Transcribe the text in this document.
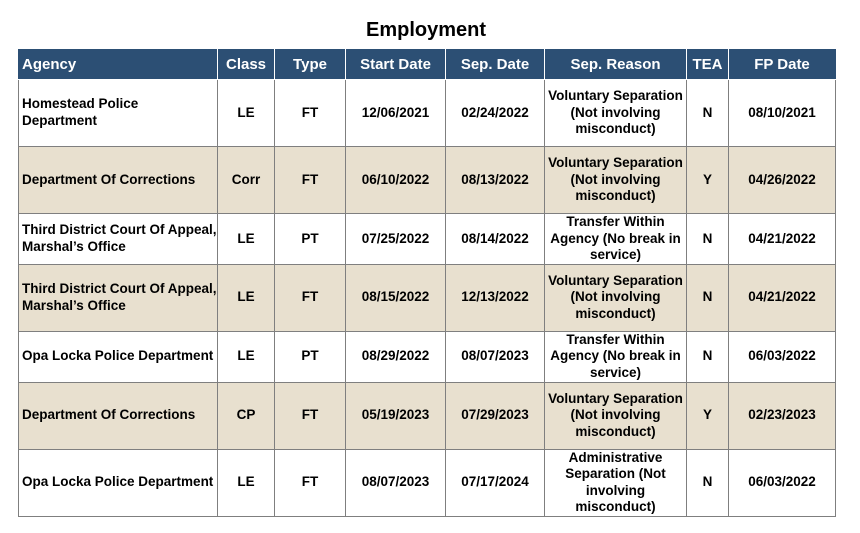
Employment
Agency	Class	Type	Start Date	Sep. Date	Sep. Reason	TEA	FP Date
Homestead Police Department	LE	FT	12/06/2021	02/24/2022	Voluntary Separation (Not involving misconduct)	N	08/10/2021
Department Of Corrections	Corr	FT	06/10/2022	08/13/2022	Voluntary Separation (Not involving misconduct)	Y	04/26/2022
Third District Court Of Appeal, Marshal’s Office	LE	PT	07/25/2022	08/14/2022	Transfer Within Agency (No break in service)	N	04/21/2022
Third District Court Of Appeal, Marshal’s Office	LE	FT	08/15/2022	12/13/2022	Voluntary Separation (Not involving misconduct)	N	04/21/2022
Opa Locka Police Department	LE	PT	08/29/2022	08/07/2023	Transfer Within Agency (No break in service)	N	06/03/2022
Department Of Corrections	CP	FT	05/19/2023	07/29/2023	Voluntary Separation (Not involving misconduct)	Y	02/23/2023
Opa Locka Police Department	LE	FT	08/07/2023	07/17/2024	Administrative Separation (Not involving misconduct)	N	06/03/2022
